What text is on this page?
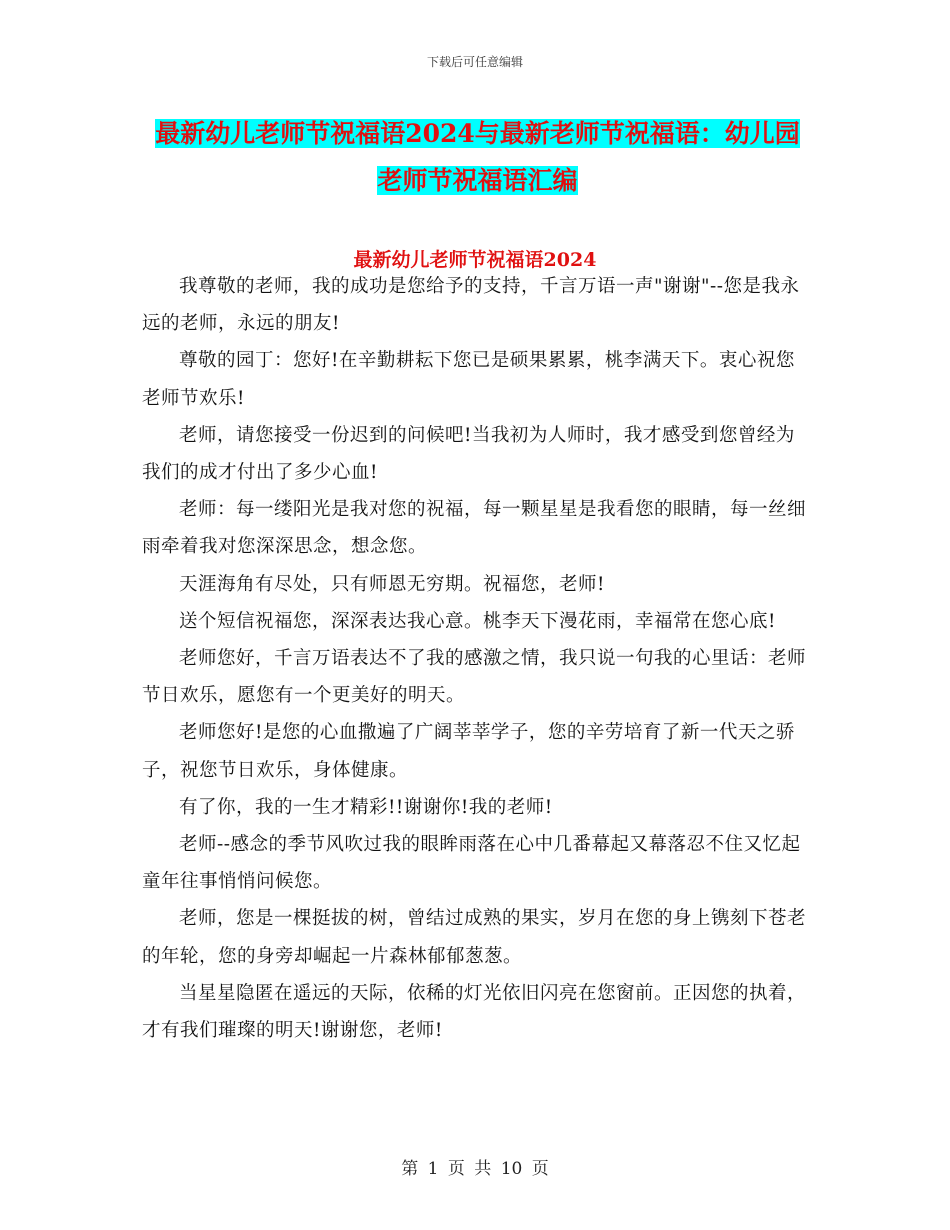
下载后可任意编辑
最新幼儿老师节祝福语2024与最新老师节祝福语：幼儿园老师节祝福语汇编
最新幼儿老师节祝福语2024

我尊敬的老师，我的成功是您给予的支持，千言万语一声"谢谢"--您是我永远的老师，永远的朋友!

尊敬的园丁：您好!在辛勤耕耘下您已是硕果累累，桃李满天下。衷心祝您老师节欢乐!

老师，请您接受一份迟到的问候吧!当我初为人师时，我才感受到您曾经为我们的成才付出了多少心血!

老师：每一缕阳光是我对您的祝福，每一颗星星是我看您的眼睛，每一丝细雨牵着我对您深深思念，想念您。

天涯海角有尽处，只有师恩无穷期。祝福您，老师!

送个短信祝福您，深深表达我心意。桃李天下漫花雨，幸福常在您心底!

老师您好，千言万语表达不了我的感激之情，我只说一句我的心里话：老师节日欢乐，愿您有一个更美好的明天。

老师您好!是您的心血撒遍了广阔莘莘学子，您的辛劳培育了新一代天之骄子，祝您节日欢乐，身体健康。

有了你，我的一生才精彩!!谢谢你!我的老师!

老师--感念的季节风吹过我的眼眸雨落在心中几番幕起又幕落忍不住又忆起童年往事悄悄问候您。

老师，您是一棵挺拔的树，曾结过成熟的果实，岁月在您的身上镌刻下苍老的年轮，您的身旁却崛起一片森林郁郁葱葱。

当星星隐匿在遥远的天际，依稀的灯光依旧闪亮在您窗前。正因您的执着，才有我们璀璨的明天!谢谢您，老师!

第 1 页 共 10 页
